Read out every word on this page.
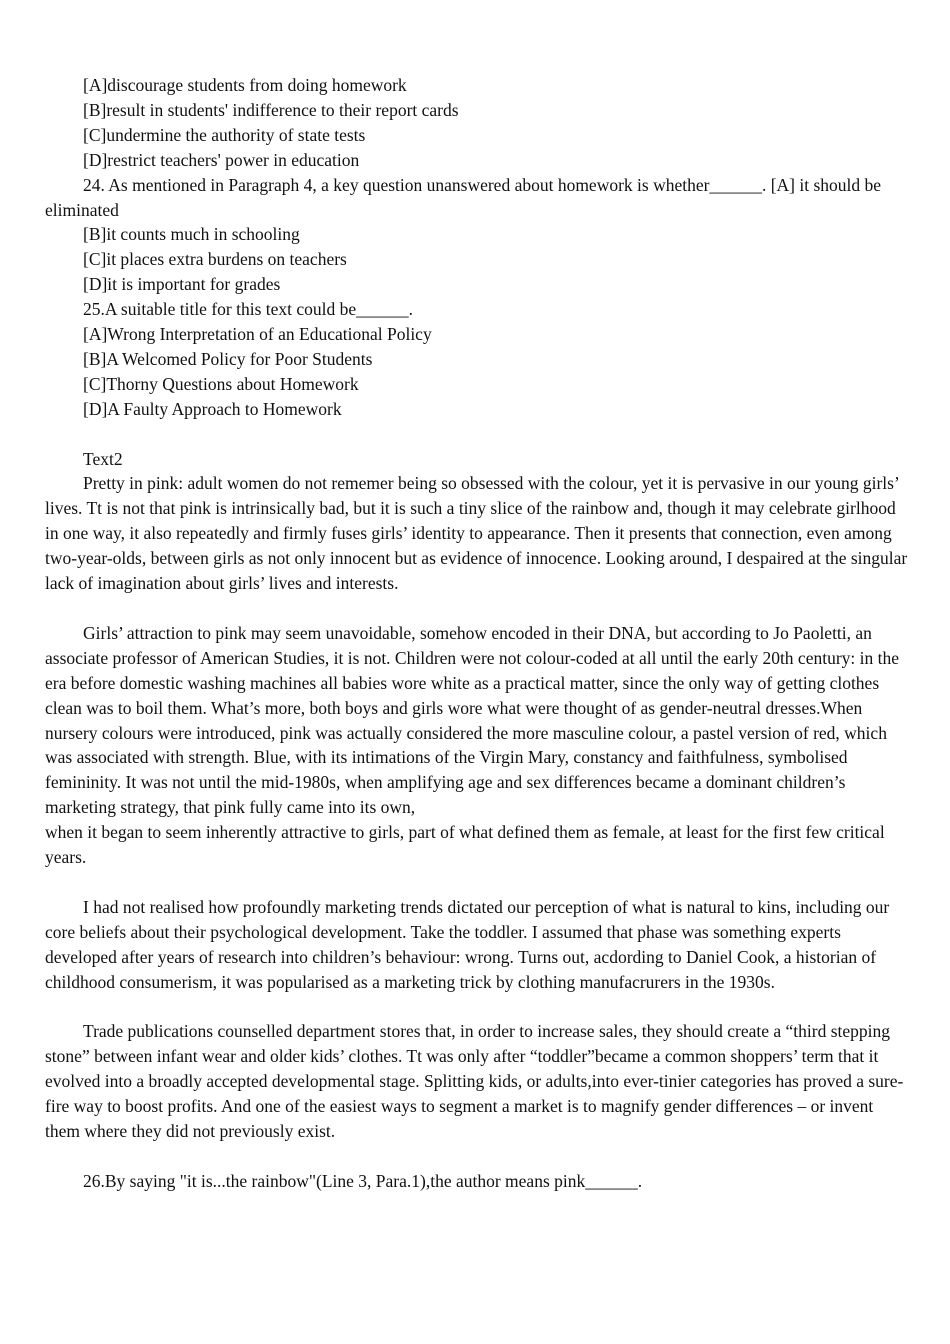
[A]discourage students from doing homework

[B]result in students' indifference to their report cards

[C]undermine the authority of state tests

[D]restrict teachers' power in education

24. As mentioned in Paragraph 4, a key question unanswered about homework is whether______. [A] it should be eliminated

[B]it counts much in schooling

[C]it places extra burdens on teachers

[D]it is important for grades

25.A suitable title for this text could be______.

[A]Wrong Interpretation of an Educational Policy

[B]A Welcomed Policy for Poor Students

[C]Thorny Questions about Homework

[D]A Faulty Approach to Homework

Text2

Pretty in pink: adult women do not rememer being so obsessed with the colour, yet it is pervasive in our young girls’ lives. Tt is not that pink is intrinsically bad, but it is such a tiny slice of the rainbow and, though it may celebrate girlhood in one way, it also repeatedly and firmly fuses girls’ identity to appearance. Then it presents that connection, even among two-year-olds, between girls as not only innocent but as evidence of innocence. Looking around, I despaired at the singular lack of imagination about girls’ lives and interests.

Girls’ attraction to pink may seem unavoidable, somehow encoded in their DNA, but according to Jo Paoletti, an associate professor of American Studies, it is not. Children were not colour-coded at all until the early 20th century: in the era before domestic washing machines all babies wore white as a practical matter, since the only way of getting clothes clean was to boil them. What’s more, both boys and girls wore what were thought of as gender-neutral dresses.When nursery colours were introduced, pink was actually considered the more masculine colour, a pastel version of red, which was associated with strength. Blue, with its intimations of the Virgin Mary, constancy and faithfulness, symbolised femininity. It was not until the mid-1980s, when amplifying age and sex differences became a dominant children’s marketing strategy, that pink fully came into its own,

when it began to seem inherently attractive to girls, part of what defined them as female, at least for the first few critical years.

I had not realised how profoundly marketing trends dictated our perception of what is natural to kins, including our core beliefs about their psychological development. Take the toddler. I assumed that phase was something experts developed after years of research into children’s behaviour: wrong. Turns out, acdording to Daniel Cook, a historian of childhood consumerism, it was popularised as a marketing trick by clothing manufacrurers in the 1930s.

Trade publications counselled department stores that, in order to increase sales, they should create a “third stepping stone” between infant wear and older kids’ clothes. Tt was only after “toddler”became a common shoppers’ term that it evolved into a broadly accepted developmental stage. Splitting kids, or adults,into ever-tinier categories has proved a sure-fire way to boost profits. And one of the easiest ways to segment a market is to magnify gender differences – or invent them where they did not previously exist.

26.By saying "it is...the rainbow"(Line 3, Para.1),the author means pink______.
